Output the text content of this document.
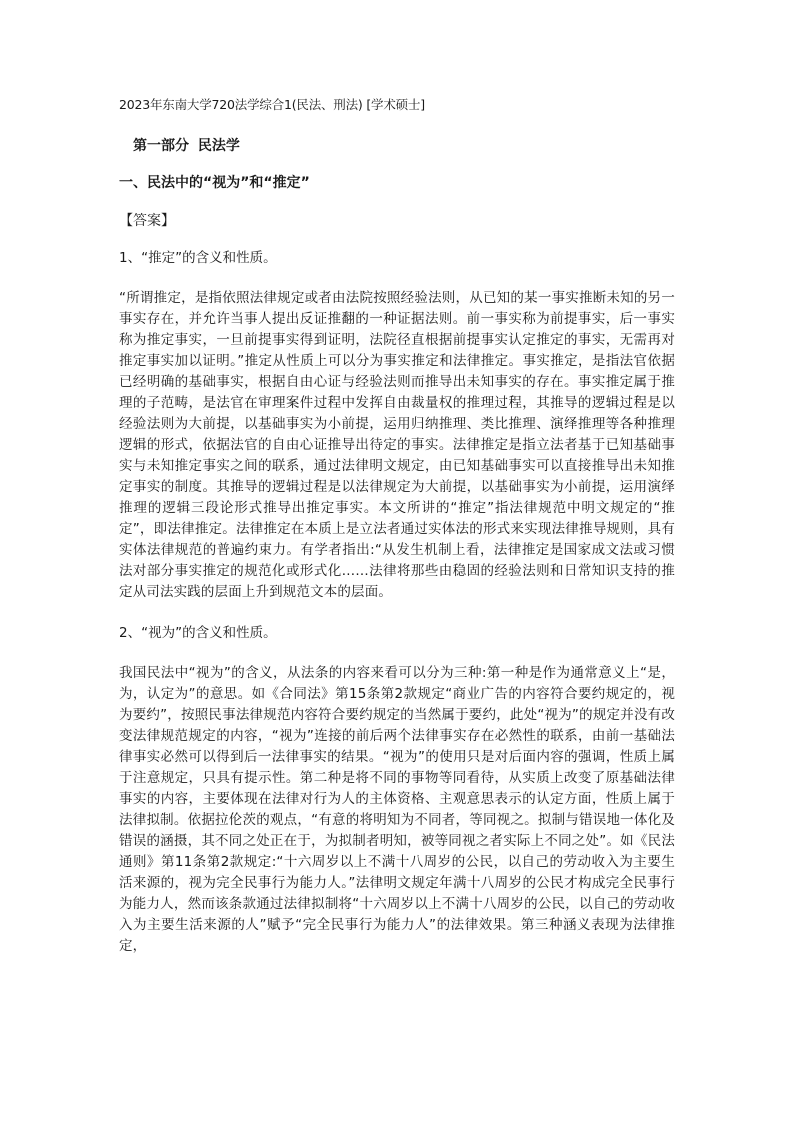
2023年东南大学720法学综合1(民法、刑法) [学术硕士]
第一部分 民法学
一、民法中的“视为”和“推定”
【答案】
1、“推定”的含义和性质。
“所谓推定，是指依照法律规定或者由法院按照经验法则，从已知的某一事实推断未知的另一事实存在，并允许当事人提出反证推翻的一种证据法则。前一事实称为前提事实，后一事实称为推定事实，一旦前提事实得到证明，法院径直根据前提事实认定推定的事实，无需再对推定事实加以证明。”推定从性质上可以分为事实推定和法律推定。事实推定，是指法官依据已经明确的基础事实，根据自由心证与经验法则而推导出未知事实的存在。事实推定属于推理的子范畴，是法官在审理案件过程中发挥自由裁量权的推理过程，其推导的逻辑过程是以经验法则为大前提，以基础事实为小前提，运用归纳推理、类比推理、演绎推理等各种推理逻辑的形式，依据法官的自由心证推导出待定的事实。法律推定是指立法者基于已知基础事实与未知推定事实之间的联系，通过法律明文规定，由已知基础事实可以直接推导出未知推定事实的制度。其推导的逻辑过程是以法律规定为大前提，以基础事实为小前提，运用演绎推理的逻辑三段论形式推导出推定事实。本文所讲的“推定”指法律规范中明文规定的“推定”，即法律推定。法律推定在本质上是立法者通过实体法的形式来实现法律推导规则，具有实体法律规范的普遍约束力。有学者指出:“从发生机制上看，法律推定是国家成文法或习惯法对部分事实推定的规范化或形式化……法律将那些由稳固的经验法则和日常知识支持的推定从司法实践的层面上升到规范文本的层面。
2、“视为”的含义和性质。
我国民法中“视为”的含义，从法条的内容来看可以分为三种:第一种是作为通常意义上“是，为，认定为”的意思。如《合同法》第15条第2款规定“商业广告的内容符合要约规定的，视为要约”，按照民事法律规范内容符合要约规定的当然属于要约，此处“视为”的规定并没有改变法律规范规定的内容，“视为”连接的前后两个法律事实存在必然性的联系，由前一基础法律事实必然可以得到后一法律事实的结果。“视为”的使用只是对后面内容的强调，性质上属于注意规定，只具有提示性。第二种是将不同的事物等同看待，从实质上改变了原基础法律事实的内容，主要体现在法律对行为人的主体资格、主观意思表示的认定方面，性质上属于法律拟制。依据拉伦茨的观点，“有意的将明知为不同者，等同视之。拟制与错误地一体化及错误的涵摄，其不同之处正在于，为拟制者明知，被等同视之者实际上不同之处”。如《民法通则》第11条第2款规定:“十六周岁以上不满十八周岁的公民，以自己的劳动收入为主要生活来源的，视为完全民事行为能力人。”法律明文规定年满十八周岁的公民才构成完全民事行为能力人，然而该条款通过法律拟制将“十六周岁以上不满十八周岁的公民，以自己的劳动收入为主要生活来源的人”赋予“完全民事行为能力人”的法律效果。第三种涵义表现为法律推定，
